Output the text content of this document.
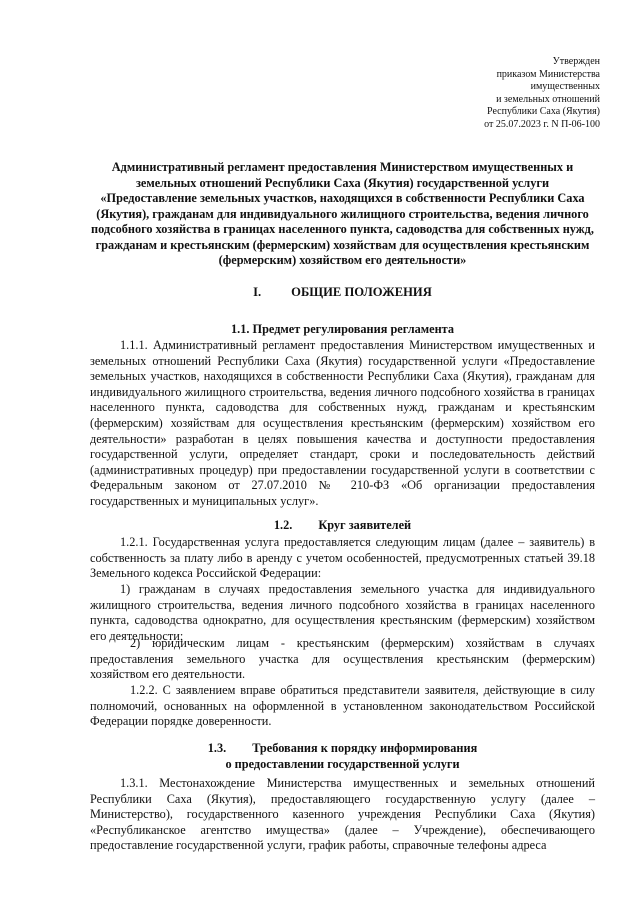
Утвержден
приказом Министерства
имущественных
и земельных отношений
Республики Саха (Якутия)
от 25.07.2023 г. N П-06-100
Административный регламент предоставления Министерством имущественных и земельных отношений Республики Саха (Якутия) государственной услуги «Предоставление земельных участков, находящихся в собственности Республики Саха (Якутия), гражданам для индивидуального жилищного строительства, ведения личного подсобного хозяйства в границах населенного пункта, садоводства для собственных нужд, гражданам и крестьянским (фермерским) хозяйствам для осуществления крестьянским (фермерским) хозяйством его деятельности»
I. ОБЩИЕ ПОЛОЖЕНИЯ
1.1. Предмет регулирования регламента
1.1.1. Административный регламент предоставления Министерством имущественных и земельных отношений Республики Саха (Якутия) государственной услуги «Предоставление земельных участков, находящихся в собственности Республики Саха (Якутия), гражданам для индивидуального жилищного строительства, ведения личного подсобного хозяйства в границах населенного пункта, садоводства для собственных нужд, гражданам и крестьянским (фермерским) хозяйствам для осуществления крестьянским (фермерским) хозяйством его деятельности» разработан в целях повышения качества и доступности предоставления государственной услуги, определяет стандарт, сроки и последовательность действий (административных процедур) при предоставлении государственной услуги в соответствии с Федеральным законом от 27.07.2010 № 210-ФЗ «Об организации предоставления государственных и муниципальных услуг».
1.2. Круг заявителей
1.2.1. Государственная услуга предоставляется следующим лицам (далее – заявитель) в собственность за плату либо в аренду с учетом особенностей, предусмотренных статьей 39.18 Земельного кодекса Российской Федерации:
1) гражданам в случаях предоставления земельного участка для индивидуального жилищного строительства, ведения личного подсобного хозяйства в границах населенного пункта, садоводства однократно, для осуществления крестьянским (фермерским) хозяйством его деятельности;
2) юридическим лицам - крестьянским (фермерским) хозяйствам в случаях предоставления земельного участка для осуществления крестьянским (фермерским) хозяйством его деятельности.
1.2.2. С заявлением вправе обратиться представители заявителя, действующие в силу полномочий, основанных на оформленной в установленном законодательством Российской Федерации порядке доверенности.
1.3. Требования к порядку информирования
о предоставлении государственной услуги
1.3.1. Местонахождение Министерства имущественных и земельных отношений Республики Саха (Якутия), предоставляющего государственную услугу (далее – Министерство), государственного казенного учреждения Республики Саха (Якутия) «Республиканское агентство имущества» (далее – Учреждение), обеспечивающего предоставление государственной услуги, график работы, справочные телефоны адреса
